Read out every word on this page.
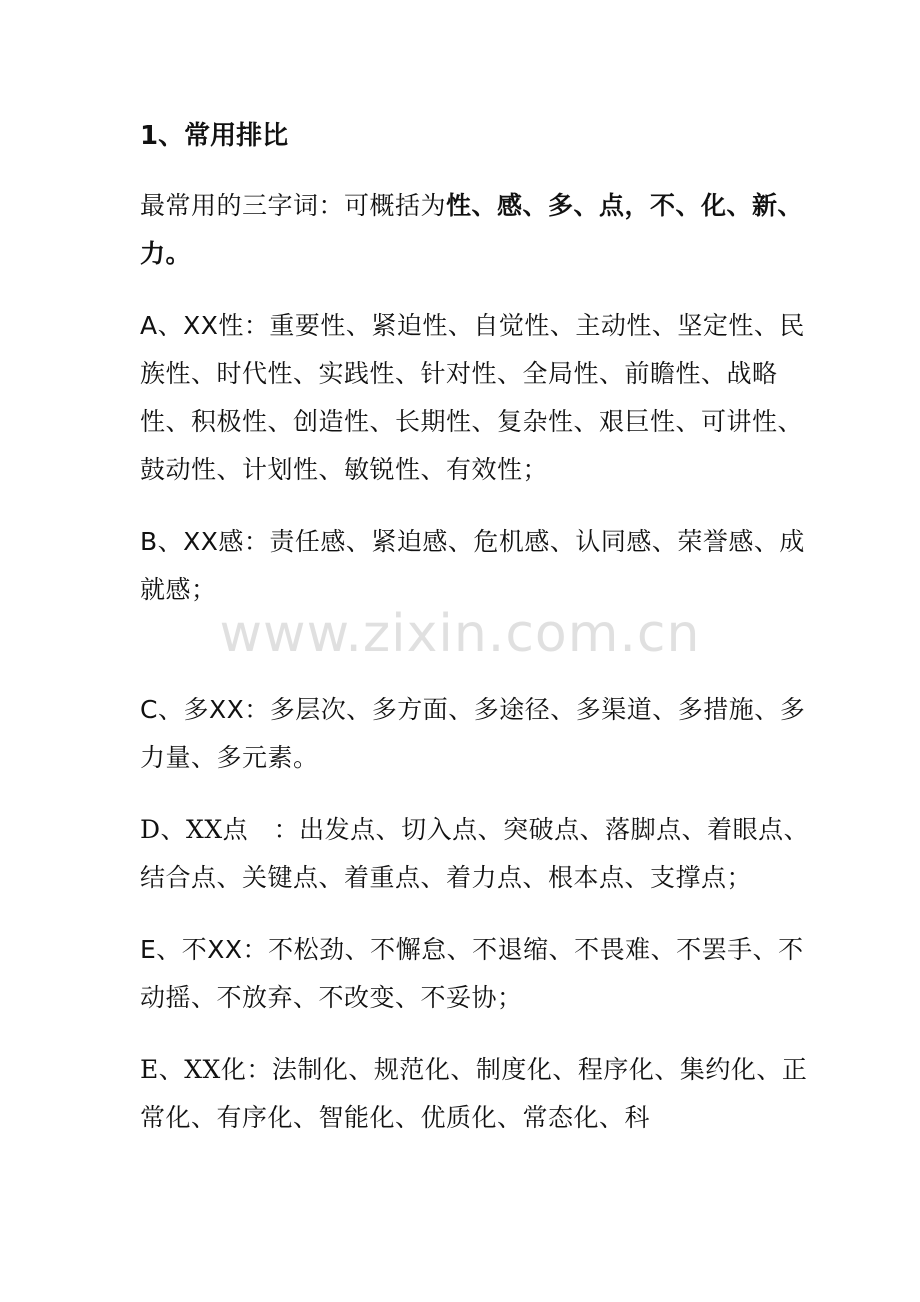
1、常用排比
最常用的三字词：可概括为性、感、多、点，不、化、新、力。
A、XX性：重要性、紧迫性、自觉性、主动性、坚定性、民族性、时代性、实践性、针对性、全局性、前瞻性、战略性、积极性、创造性、长期性、复杂性、艰巨性、可讲性、鼓动性、计划性、敏锐性、有效性；
B、XX感：责任感、紧迫感、危机感、认同感、荣誉感、成就感；
C、多XX：多层次、多方面、多途径、多渠道、多措施、多力量、多元素。
D、XX点　：出发点、切入点、突破点、落脚点、着眼点、结合点、关键点、着重点、着力点、根本点、支撑点；
E、不XX：不松劲、不懈怠、不退缩、不畏难、不罢手、不动摇、不放弃、不改变、不妥协；
E、XX化：法制化、规范化、制度化、程序化、集约化、正常化、有序化、智能化、优质化、常态化、科
www.zixin.com.cn
